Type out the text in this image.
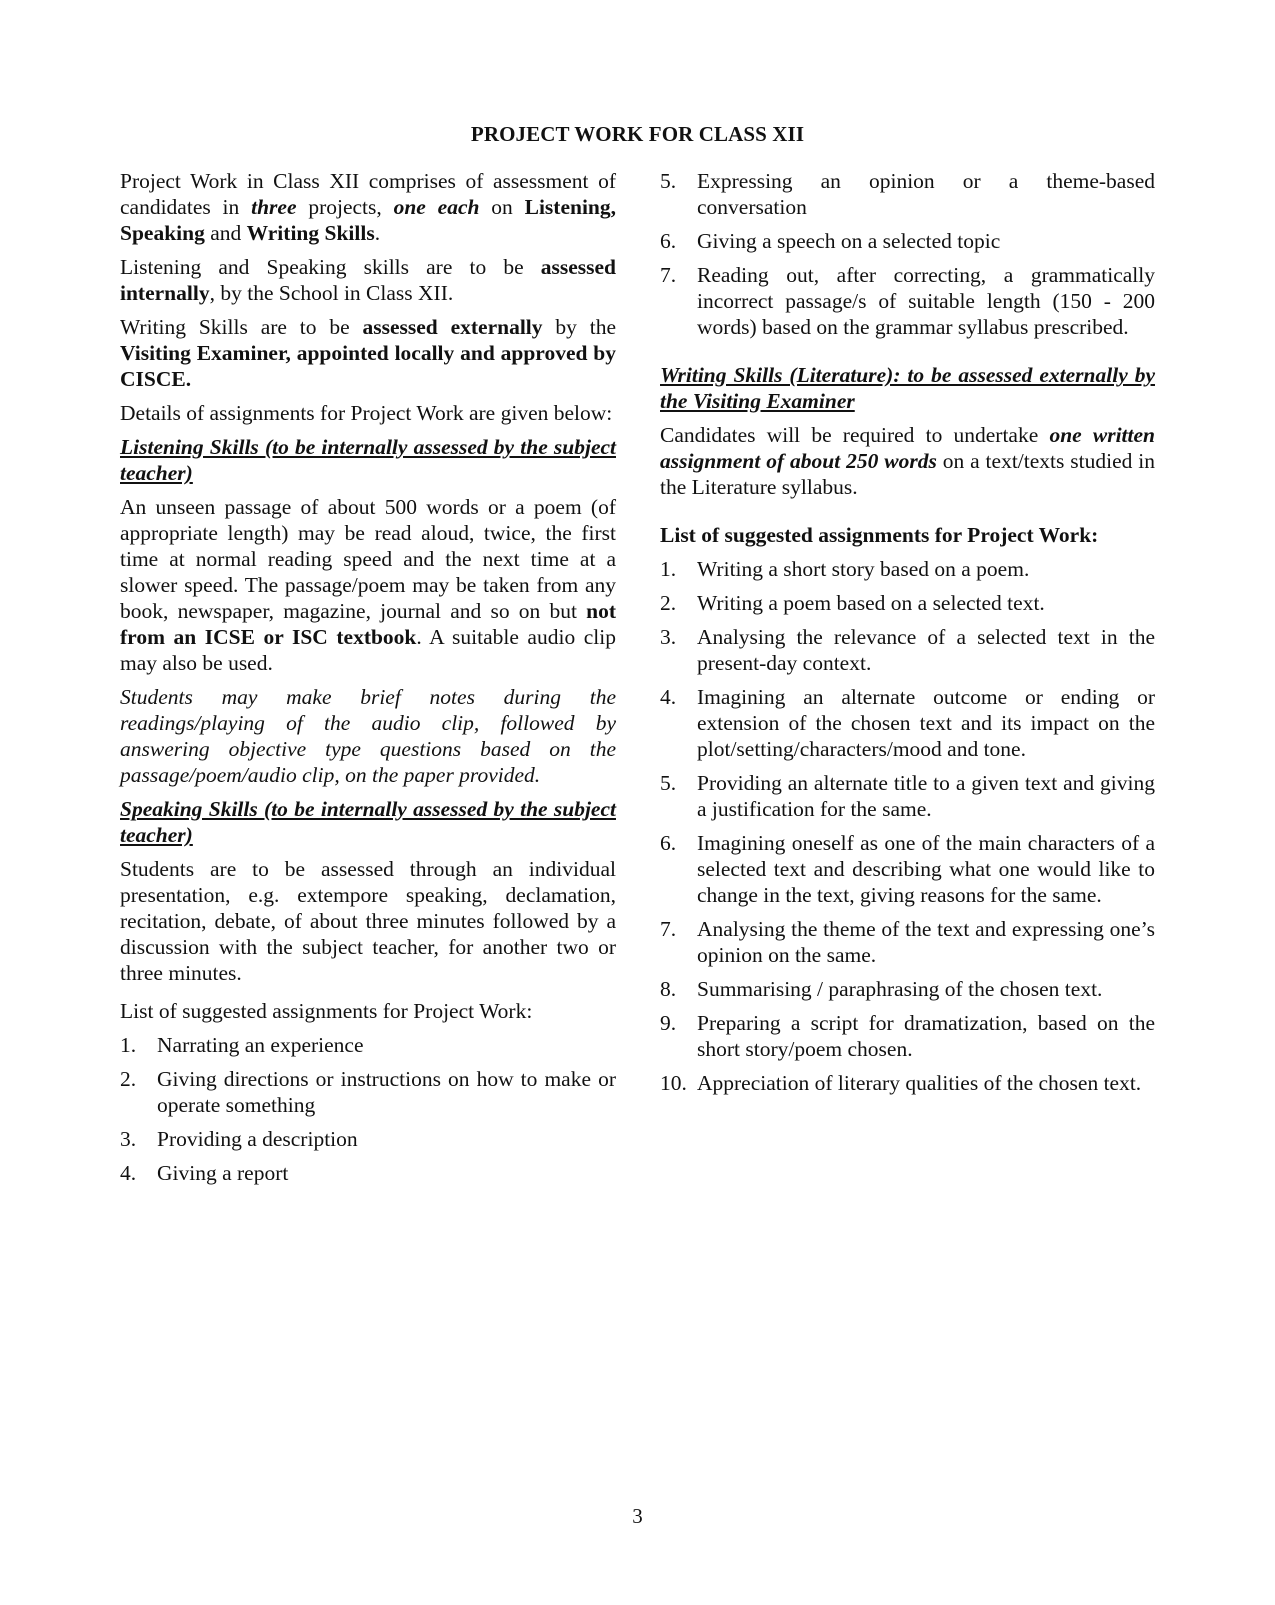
PROJECT WORK FOR CLASS XII

Project Work in Class XII comprises of assessment of candidates in three projects, one each on Listening, Speaking and Writing Skills.

Listening and Speaking skills are to be assessed internally, by the School in Class XII.

Writing Skills are to be assessed externally by the Visiting Examiner, appointed locally and approved by CISCE.

Details of assignments for Project Work are given below:

Listening Skills (to be internally assessed by the subject teacher)

An unseen passage of about 500 words or a poem (of appropriate length) may be read aloud, twice, the first time at normal reading speed and the next time at a slower speed. The passage/poem may be taken from any book, newspaper, magazine, journal and so on but not from an ICSE or ISC textbook. A suitable audio clip may also be used.

Students may make brief notes during the readings/playing of the audio clip, followed by answering objective type questions based on the passage/poem/audio clip, on the paper provided.

Speaking Skills (to be internally assessed by the subject teacher)

Students are to be assessed through an individual presentation, e.g. extempore speaking, declamation, recitation, debate, of about three minutes followed by a discussion with the subject teacher, for another two or three minutes.

List of suggested assignments for Project Work:

1. Narrating an experience
2. Giving directions or instructions on how to make or operate something
3. Providing a description
4. Giving a report
5. Expressing an opinion or a theme-based conversation
6. Giving a speech on a selected topic
7. Reading out, after correcting, a grammatically incorrect passage/s of suitable length (150 - 200 words) based on the grammar syllabus prescribed.
Writing Skills (Literature): to be assessed externally by the Visiting Examiner

Candidates will be required to undertake one written assignment of about 250 words on a text/texts studied in the Literature syllabus.

List of suggested assignments for Project Work:

1. Writing a short story based on a poem.
2. Writing a poem based on a selected text.
3. Analysing the relevance of a selected text in the present-day context.
4. Imagining an alternate outcome or ending or extension of the chosen text and its impact on the plot/setting/characters/mood and tone.
5. Providing an alternate title to a given text and giving a justification for the same.
6. Imagining oneself as one of the main characters of a selected text and describing what one would like to change in the text, giving reasons for the same.
7. Analysing the theme of the text and expressing one’s opinion on the same.
8. Summarising / paraphrasing of the chosen text.
9. Preparing a script for dramatization, based on the short story/poem chosen.
10. Appreciation of literary qualities of the chosen text.
3
